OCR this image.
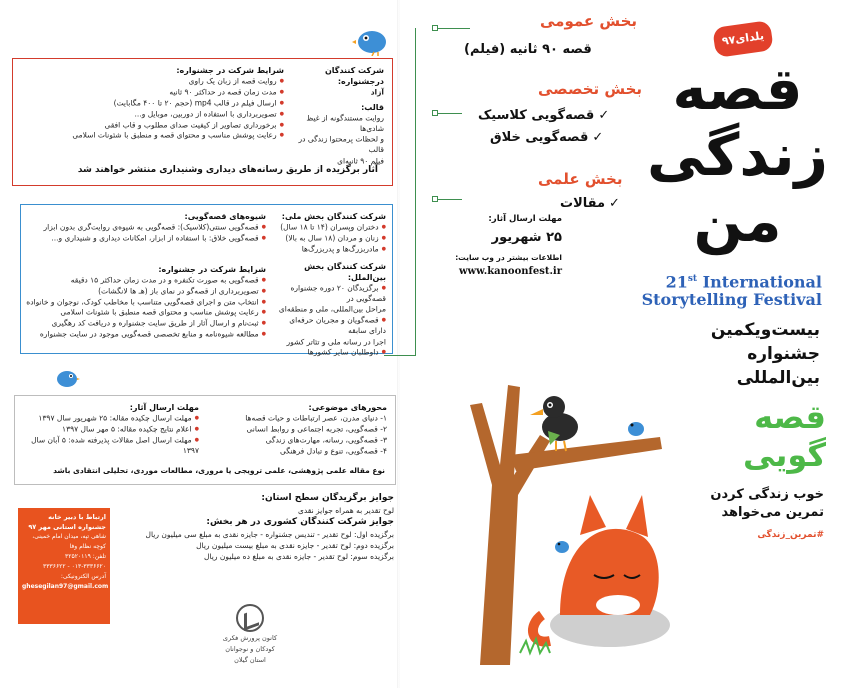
شرکت کنندگان درجشنواره:
آزاد
قالب:
روایت مستندگونه از غیظ شادی‌ها
و لحظات پرمحتوا زندگی در قالب
فیلم ۹۰ ثانیه‌ای
شرایط شرکت در جشنواره:
● روایت قصه از زبان یک راوی
● مدت زمان قصه در حداکثر ۹۰ ثانیه
● ارسال فیلم در قالب mp4 (حجم ۲۰ تا ۴۰۰ مگابایت)
● تصویربرداری با استفاده از دوربین، موبایل و...
● برخورداری تصاویر از کیفیت صدای مطلوب و قاب افقی
● رعایت پوشش مناسب و محتوای قصه و منطبق با شئونات اسلامی
آثار برگزیده از طریق رسانه‌های دیداری وشنیداری منتشر خواهند شد
شرکت کنندگان بخش ملی:
● دختران وپسران (۱۴ تا ۱۸ سال)
● زنان و مردان (۱۸ سال به بالا)
● مادربزرگ‌ها و پدربزرگ‌ها
شرکت کنندگان بخش بین‌الملل:
● برگزیدگان ۲۰ دوره جشنواره قصه‌گویی در
مراحل بین‌المللی، ملی و منطقه‌ای
● قصه‌گویان و مجریان حرفه‌ای دارای سابقه
اجرا در رسانه ملی و تئاتر کشور
● داوطلبان سایر کشورها
شیوه‌های قصه‌گویی:
● قصه‌گویی سنتی(کلاسیک): قصه‌گویی به شیوه‌ی روایت‌گری بدون ابزار
● قصه‌گویی خلاق: با استفاده از ابزار، امکانات دیداری و شنیداری و...
شرایط شرکت در جشنواره:
● قصه‌گویی به صورت تکنفره و در مدت زمان حداکثر ۱۵ دقیقه
● تصویربرداری از قصه‌گو در نمای باز (هـ ها لانگشات)
● انتخاب متن و اجرای قصه‌گویی متناسب با مخاطب کودک، نوجوان و خانواده
● رعایت پوشش مناسب و محتوای قصه منطبق با شئونات اسلامی
● ثبت‌نام و ارسال آثار از طریق سایت جشنواره و دریافت کد رهگیری
● مطالعه شیوه‌نامه و منابع تخصصی قصه‌گویی موجود در سایت جشنواره
محورهای موضوعی:
۱- دنیای مدرن، عصر ارتباطات و حیات قصه‌ها
۲- قصه‌گویی، تجربه اجتماعی و روابط انسانی
۳- قصه‌گویی، رسانه، مهارت‌های زندگی
۴- قصه‌گویی، تنوع و تبادل فرهنگی
مهلت ارسال آثار:
● مهلت ارسال چکیده مقاله: ۲۵ شهریور سال ۱۳۹۷
● اعلام نتایج چکیده مقاله: ۵ مهر سال ۱۳۹۷
● مهلت ارسال اصل مقالات پذیرفته شده: ۵ آبان سال ۱۳۹۷
نوع مقاله علمی پژوهشی، علمی ترویجی یا مروری، مطالعات موردی، تحلیلی انتقادی باشد
جوایز برگزیدگان سطح استان:
لوح تقدیر به همراه جوایز نقدی
جوایز شرکت کنندگان کشوری در هر بخش:
برگزیده اول: لوح تقدیر - تندیس جشنواره - جایزه نقدی به مبلغ سی میلیون ریال
برگزیده دوم: لوح تقدیر - جایزه نقدی به مبلغ بیست میلیون ریال
برگزیده سوم: لوح تقدیر - جایزه نقدی به مبلغ ده میلیون ریال
ارتباط با دبیر خانه جشنواره استانی مهر ۹۷
شاهی تپه، میدان امام خمینی، کوچه نظام وفا
تلفن: ۳۲۵۲۰۱۱۹
۰۱۳-۳۳۳۶۶۲۰ - ۳۳۳۶۶۲۲
آدرس الکترونیکی:
ghesegilan97@gmail.com
کانون پرورش فکری
کودکان و نوجوانان
استان گیلان
بخش عمومی
قصه ۹۰ ثانیه (فیلم)
بخش تخصصی
✓قصه‌گویی کلاسیک
✓قصه‌گویی خلاق
بخش علمی
✓مقالات
مهلت ارسال آثار:
۲۵ شهریور
اطلاعات بیشتر در وب سایت:
www.kanoonfest.ir
یلدای۹۷
قصه
زندگی
من
21st International
Storytelling Festival
بیست‌ویکمین
جشنواره
بین‌المللی
قصه
گویی
خوب زندگی کردن
تمرین می‌خواهد
#تمرین_زندگی
